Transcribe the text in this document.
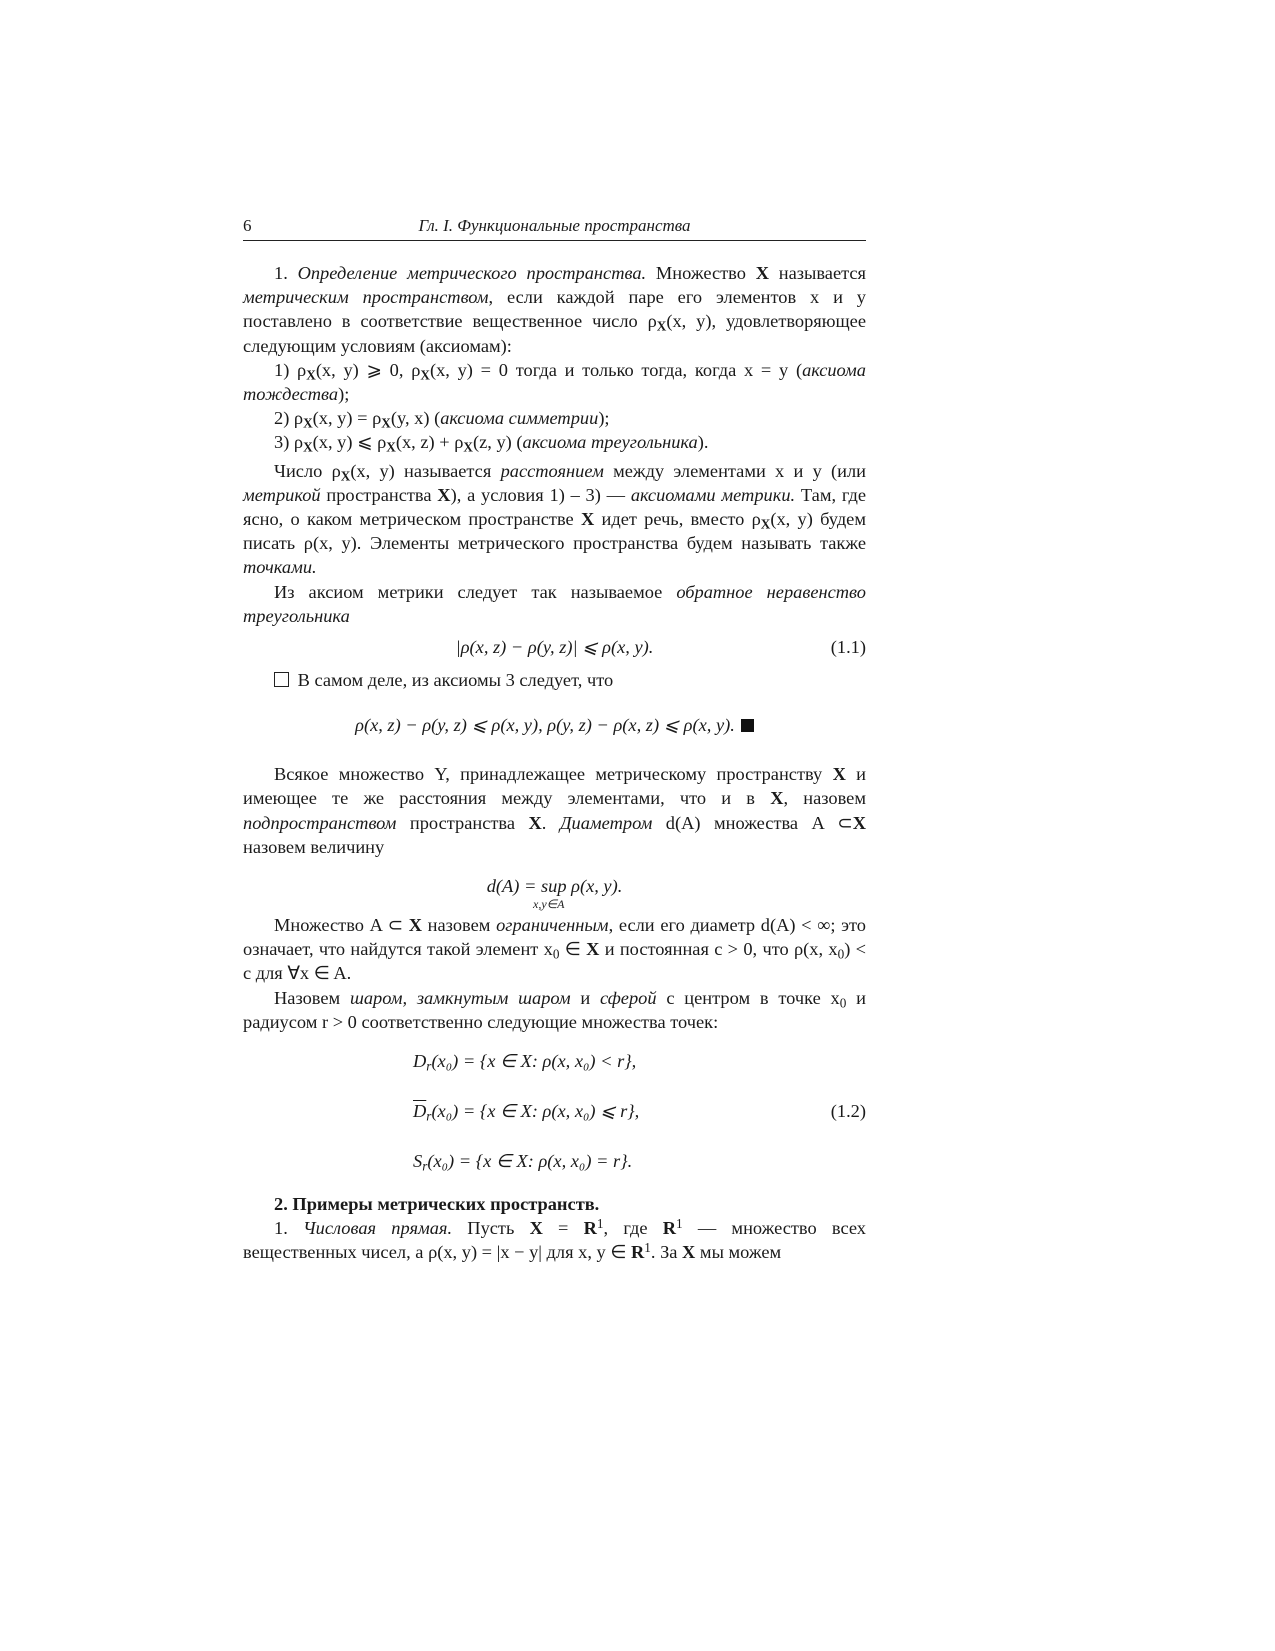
6	Гл. I. Функциональные пространства

1. Определение метрического пространства. Множество X называется метрическим пространством, если каждой паре его элементов x и y поставлено в соответствие вещественное число $\rho_X(x$, y), удовлетворяющее следующим условиям (аксиомам):

1) $\rho_X(x$, y) ⩾ 0, $\rho_X(x$, y) = 0 тогда и только тогда, когда x = y (аксиома тождества);

2) $\rho_X(x$, $y) = \rho_X(y$, x) (аксиома симметрии);

3) $\rho_X(x$, y) ⩽ $\rho_X(x$, $z) + \rho_X(z$, y) (аксиома треугольника).

Число $\rho_X(x$, y) называется расстоянием между элементами x и y (или метрикой пространства X), а условия 1) – 3) — аксиомами метрики. Там, где ясно, о каком метрическом пространстве X идет речь, вместо $\rho_X(x$, y) будем писать ρ(x, y). Элементы метрического пространства будем называть также точками.

Из аксиом метрики следует так называемое обратное неравенство треугольника

|ρ(x, z) − ρ(y, z)| ⩽ ρ(x, y).	(1.1)

В самом деле, из аксиомы 3 следует, что

ρ(x, z) − ρ(y, z) ⩽ ρ(x, y), ρ(y, z) − ρ(x, z) ⩽ ρ(x, y).

Всякое множество Y, принадлежащее метрическому пространству X и имеющее те же расстояния между элементами, что и в X, назовем подпространством пространства X. Диаметром d(A) множества A ⊂X назовем величину

d(A) = sup ρ(x, y).
x,y∈A

Множество A ⊂ X назовем ограниченным, если его диаметр d(A) < ∞; это означает, что найдутся такой элемент $x_0$ ∈ X и постоянная c > 0, что ρ(x, $x_0) < c$ для ∀x ∈ A.

Назовем шаром, замкнутым шаром и сферой с центром в точке $x_0$ и радиусом r > 0 соответственно следующие множества точек:

$D_r(x_0) = \{x$ ∈ X: ρ(x, x₀) < r},
$\overline{D}_r(x_0) = \{x$ ∈ X: ρ(x, x₀) ⩽ r},
$S_r(x_0) = \{x$ ∈ X: ρ(x, x₀) = r}.
(1.2)
2. Примеры метрических пространств.

1. Числовая прямая. Пусть $X = R^1$, где $R^1$ — множество всех вещественных чисел, а ρ(x, y) = |x − y| для x, y ∈ $R^1$. За X мы можем
